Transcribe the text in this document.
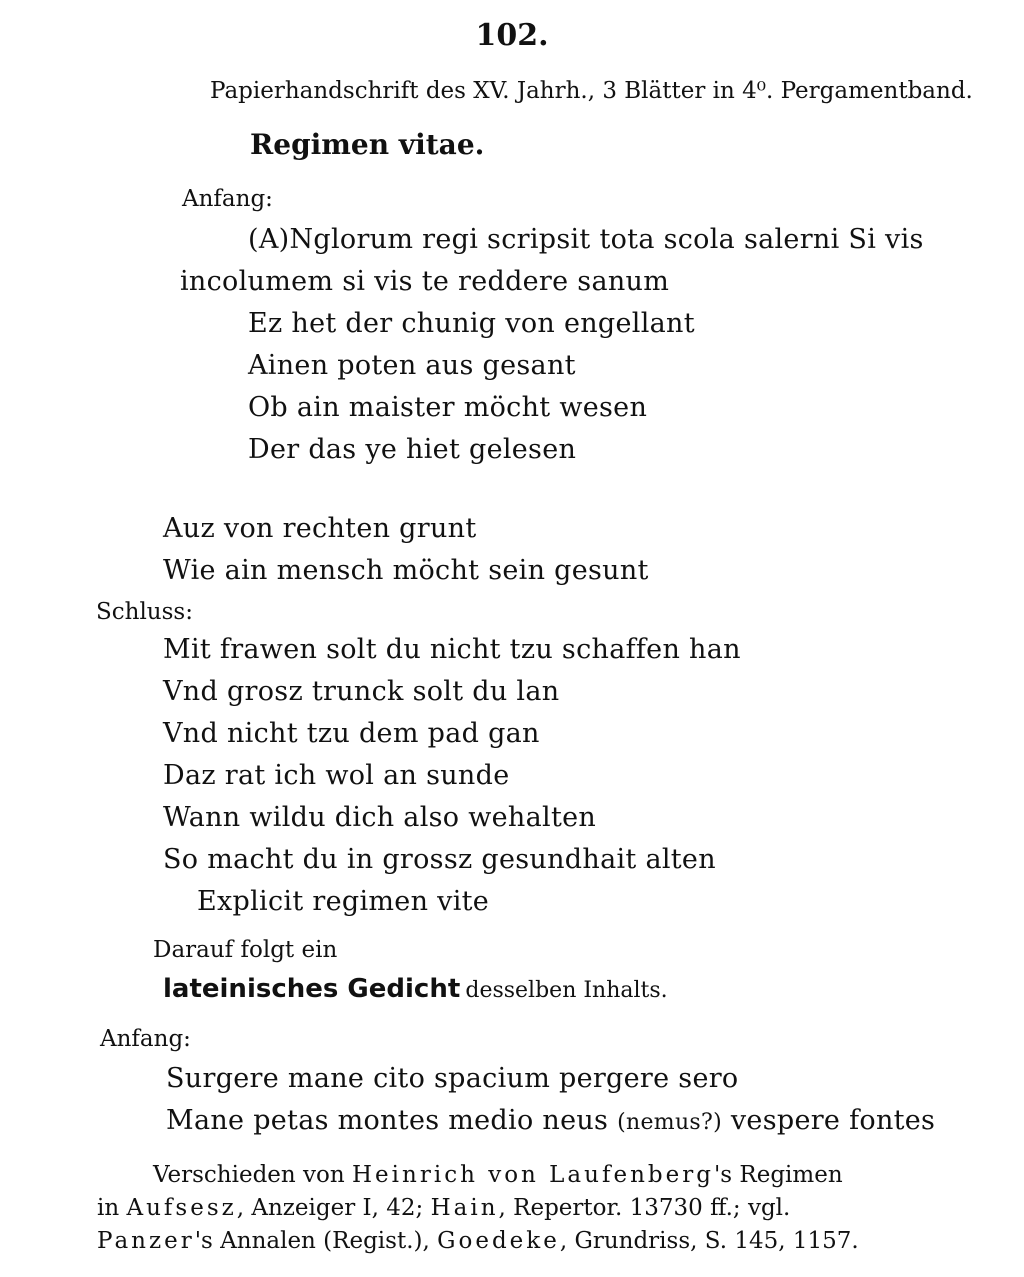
102.

Papierhandschrift des XV. Jahrh., 3 Blätter in 4⁰. Pergamentband.

Regimen vitae.

Anfang:

(A)Nglorum regi scripsit tota scola salerni Si vis

incolumem si vis te reddere sanum

Ez het der chunig von engellant

Ainen poten aus gesant

Ob ain maister möcht wesen

Der das ye hiet gelesen

Auz von rechten grunt

Wie ain mensch möcht sein gesunt

Schluss:

Mit frawen solt du nicht tzu schaffen han

Vnd grosz trunck solt du lan

Vnd nicht tzu dem pad gan

Daz rat ich wol an sunde

Wann wildu dich also wehalten

So macht du in grossz gesundhait alten

Explicit regimen vite

Darauf folgt ein

lateinisches Gedicht desselben Inhalts.

Anfang:

Surgere mane cito spacium pergere sero

Mane petas montes medio neus (nemus?) vespere fontes

Verschieden von Heinrich von Laufenberg's Regimen

in Aufsesz, Anzeiger I, 42; Hain, Repertor. 13730 ff.; vgl.

Panzer's Annalen (Regist.), Goedeke, Grundriss, S. 145, 1157.
